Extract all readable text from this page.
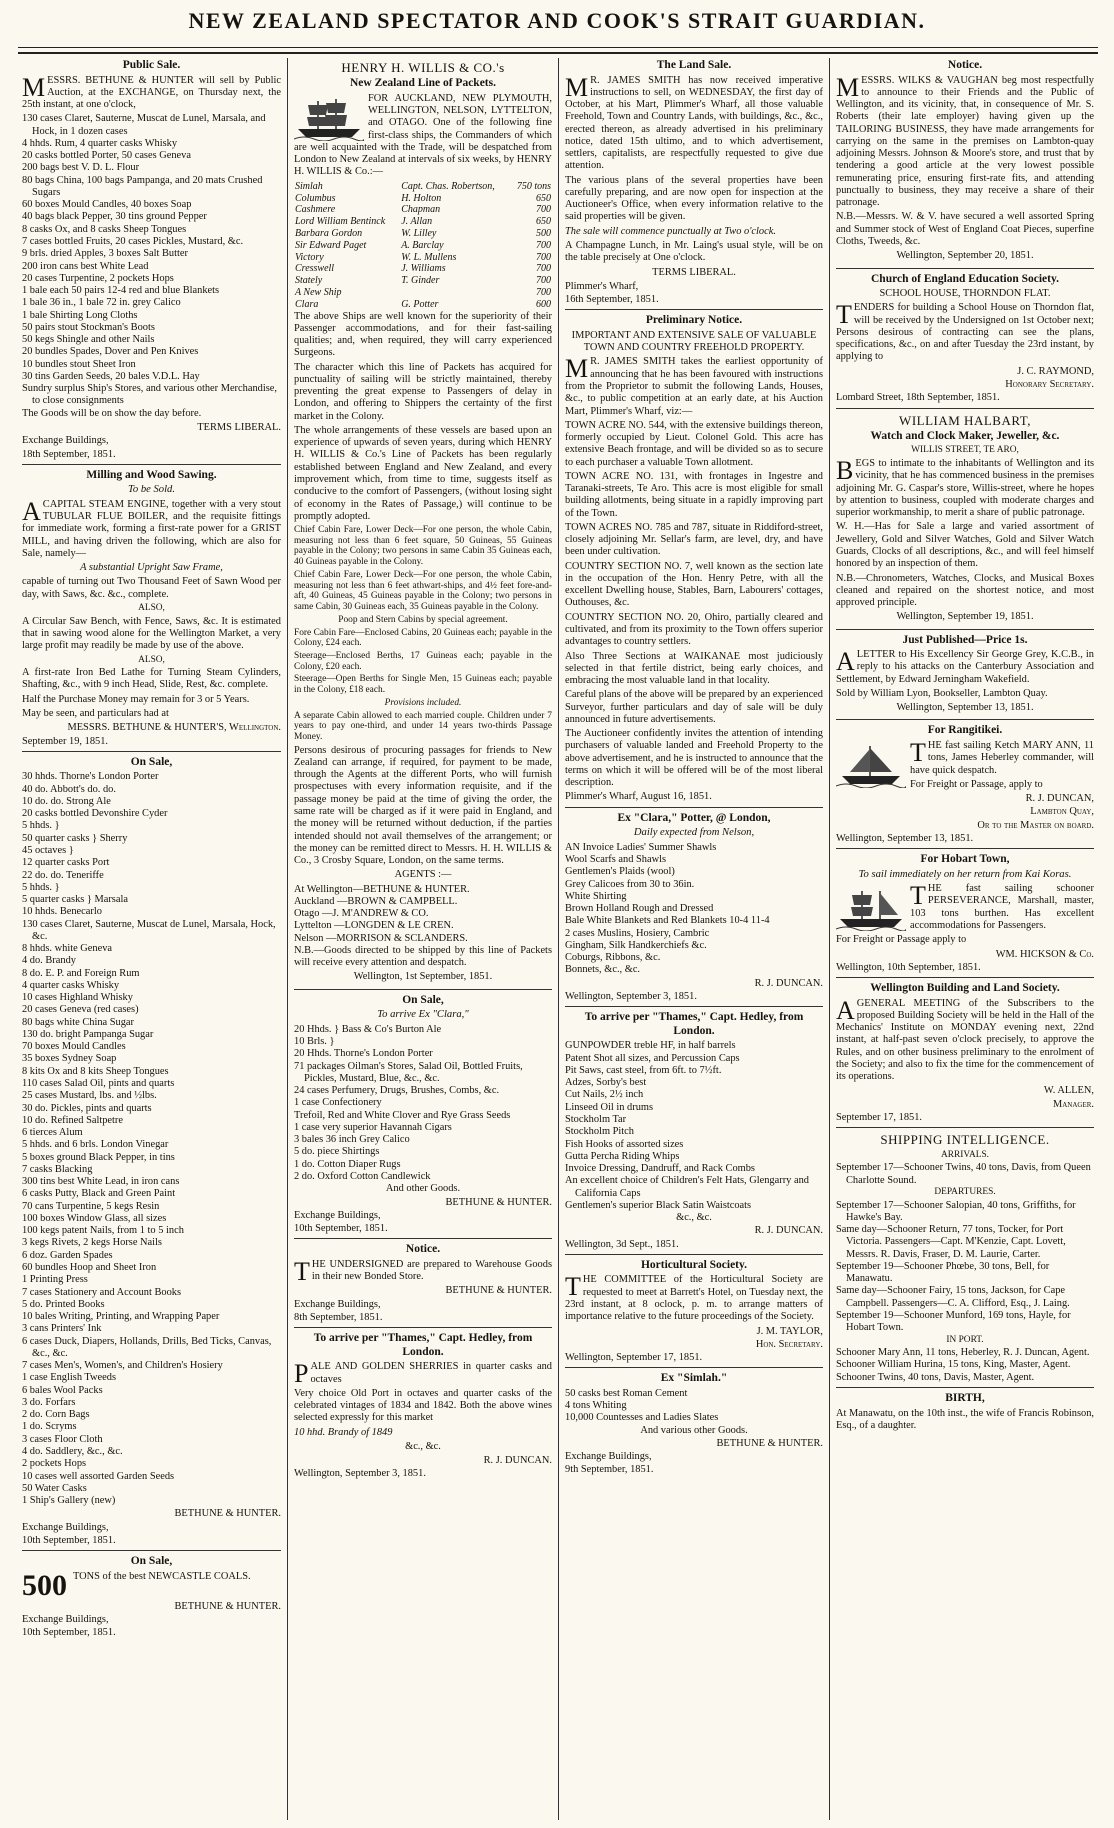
NEW ZEALAND SPECTATOR AND COOK'S STRAIT GUARDIAN.
Public Sale.

MESSRS. BETHUNE & HUNTER will sell by Public Auction, at the EXCHANGE, on Thursday next, the 25th instant, at one o'clock,

130 cases Claret, Sauterne, Muscat de Lunel, Marsala, and Hock, in 1 dozen cases
4 hhds. Rum, 4 quarter casks Whisky
20 casks bottled Porter, 50 cases Geneva
200 bags best V. D. L. Flour
80 bags China, 100 bags Pampanga, and 20 mats Crushed Sugars
60 boxes Mould Candles, 40 boxes Soap
40 bags black Pepper, 30 tins ground Pepper
8 casks Ox, and 8 casks Sheep Tongues
7 cases bottled Fruits, 20 cases Pickles, Mustard, &c.
9 brls. dried Apples, 3 boxes Salt Butter
200 iron cans best White Lead
20 cases Turpentine, 2 pockets Hops
1 bale each 50 pairs 12-4 red and blue Blankets
1 bale 36 in., 1 bale 72 in. grey Calico
1 bale Shirting Long Cloths
50 pairs stout Stockman's Boots
50 kegs Shingle and other Nails
20 bundles Spades, Dover and Pen Knives
10 bundles stout Sheet Iron
30 tins Garden Seeds, 20 bales V.D.L. Hay
Sundry surplus Ship's Stores, and various other Merchandise, to close consignments

The Goods will be on show the day before.

TERMS LIBERAL.

Exchange Buildings,

18th September, 1851.

Milling and Wood Sawing.
To be Sold.

ACAPITAL STEAM ENGINE, together with a very stout TUBULAR FLUE BOILER, and the requisite fittings for immediate work, forming a first-rate power for a GRIST MILL, and having driven the following, which are also for Sale, namely—

A substantial Upright Saw Frame,

capable of turning out Two Thousand Feet of Sawn Wood per day, with Saws, &c. &c., complete.

ALSO,

A Circular Saw Bench, with Fence, Saws, &c. It is estimated that in sawing wood alone for the Wellington Market, a very large profit may readily be made by use of the above.

ALSO,

A first-rate Iron Bed Lathe for Turning Steam Cylinders, Shafting, &c., with 9 inch Head, Slide, Rest, &c. complete.

Half the Purchase Money may remain for 3 or 5 Years.

May be seen, and particulars had at

MESSRS. BETHUNE & HUNTER'S, Wellington.

September 19, 1851.

On Sale,
30 hhds. Thorne's London Porter
40 do. Abbott's do. do.
10 do. do. Strong Ale
20 casks bottled Devonshire Cyder
5 hhds. }
50 quarter casks } Sherry
45 octaves }
12 quarter casks Port
22 do. do. Teneriffe
5 hhds. }
5 quarter casks } Marsala
10 hhds. Benecarlo
130 cases Claret, Sauterne, Muscat de Lunel, Marsala, Hock, &c.
8 hhds. white Geneva
4 do. Brandy
8 do. E. P. and Foreign Rum
4 quarter casks Whisky
10 cases Highland Whisky
20 cases Geneva (red cases)
80 bags white China Sugar
130 do. bright Pampanga Sugar
70 boxes Mould Candles
35 boxes Sydney Soap
8 kits Ox and 8 kits Sheep Tongues
110 cases Salad Oil, pints and quarts
25 cases Mustard, lbs. and ½lbs.
30 do. Pickles, pints and quarts
10 do. Refined Saltpetre
6 tierces Alum
5 hhds. and 6 brls. London Vinegar
5 boxes ground Black Pepper, in tins
7 casks Blacking
300 tins best White Lead, in iron cans
6 casks Putty, Black and Green Paint
70 cans Turpentine, 5 kegs Resin
100 boxes Window Glass, all sizes
100 kegs patent Nails, from 1 to 5 inch
3 kegs Rivets, 2 kegs Horse Nails
6 doz. Garden Spades
60 bundles Hoop and Sheet Iron
1 Printing Press
7 cases Stationery and Account Books
5 do. Printed Books
10 bales Writing, Printing, and Wrapping Paper
3 cans Printers' Ink
6 cases Duck, Diapers, Hollands, Drills, Bed Ticks, Canvas, &c., &c.
7 cases Men's, Women's, and Children's Hosiery
1 case English Tweeds
6 bales Wool Packs
3 do. Forfars
2 do. Corn Bags
1 do. Scryms
3 cases Floor Cloth
4 do. Saddlery, &c., &c.
2 pockets Hops
10 cases well assorted Garden Seeds
50 Water Casks
1 Ship's Gallery (new)

BETHUNE & HUNTER.

Exchange Buildings,

10th September, 1851.

On Sale,

500 TONS of the best NEWCASTLE COALS.

BETHUNE & HUNTER.

Exchange Buildings,

10th September, 1851.

HENRY H. WILLIS & CO.'s
New Zealand Line of Packets.

FOR AUCKLAND, NEW PLYMOUTH, WELLINGTON, NELSON, LYTTELTON, and OTAGO. One of the following fine first-class ships, the Commanders of which are well acquainted with the Trade, will be despatched from London to New Zealand at intervals of six weeks, by HENRY H. WILLIS & Co.:—

Simlah	Capt. Chas. Robertson,	750 tons
Columbus	H. Holton	650
Cashmere	Chapman	700
Lord William Bentinck	J. Allan	650
Barbara Gordon	W. Lilley	500
Sir Edward Paget	A. Barclay	700
Victory	W. L. Mullens	700
Cresswell	J. Williams	700
Stately	T. Ginder	700
A New Ship		700
Clara	G. Potter	600

The above Ships are well known for the superiority of their Passenger accommodations, and for their fast-sailing qualities; and, when required, they will carry experienced Surgeons.

The character which this line of Packets has acquired for punctuality of sailing will be strictly maintained, thereby preventing the great expense to Passengers of delay in London, and offering to Shippers the certainty of the first market in the Colony.

The whole arrangements of these vessels are based upon an experience of upwards of seven years, during which HENRY H. WILLIS & Co.'s Line of Packets has been regularly established between England and New Zealand, and every improvement which, from time to time, suggests itself as conducive to the comfort of Passengers, (without losing sight of economy in the Rates of Passage,) will continue to be promptly adopted.

Chief Cabin Fare, Lower Deck—For one person, the whole Cabin, measuring not less than 6 feet square, 50 Guineas, 55 Guineas payable in the Colony; two persons in same Cabin 35 Guineas each, 40 Guineas payable in the Colony.

Chief Cabin Fare, Lower Deck—For one person, the whole Cabin, measuring not less than 6 feet athwart-ships, and 4½ feet fore-and-aft, 40 Guineas, 45 Guineas payable in the Colony; two persons in same Cabin, 30 Guineas each, 35 Guineas payable in the Colony.

Poop and Stern Cabins by special agreement.

Fore Cabin Fare—Enclosed Cabins, 20 Guineas each; payable in the Colony, £24 each.

Steerage—Enclosed Berths, 17 Guineas each; payable in the Colony, £20 each.

Steerage—Open Berths for Single Men, 15 Guineas each; payable in the Colony, £18 each.

Provisions included.

A separate Cabin allowed to each married couple. Children under 7 years to pay one-third, and under 14 years two-thirds Passage Money.

Persons desirous of procuring passages for friends to New Zealand can arrange, if required, for payment to be made, through the Agents at the different Ports, who will furnish prospectuses with every information requisite, and if the passage money be paid at the time of giving the order, the same rate will be charged as if it were paid in England, and the money will be returned without deduction, if the parties intended should not avail themselves of the arrangement; or the money can be remitted direct to Messrs. H. H. WILLIS & Co., 3 Crosby Square, London, on the same terms.

AGENTS :—

At Wellington—BETHUNE & HUNTER.
Auckland —BROWN & CAMPBELL.
Otago —J. M'ANDREW & CO.
Lyttelton —LONGDEN & LE CREN.
Nelson —MORRISON & SCLANDERS.

N.B.—Goods directed to be shipped by this line of Packets will receive every attention and despatch.

Wellington, 1st September, 1851.

On Sale,
To arrive Ex "Clara,"
20 Hhds. } Bass & Co's Burton Ale
10 Brls. }
20 Hhds. Thorne's London Porter
71 packages Oilman's Stores, Salad Oil, Bottled Fruits, Pickles, Mustard, Blue, &c., &c.
24 cases Perfumery, Drugs, Brushes, Combs, &c.
1 case Confectionery
Trefoil, Red and White Clover and Rye Grass Seeds
1 case very superior Havannah Cigars
3 bales 36 inch Grey Calico
5 do. piece Shirtings
1 do. Cotton Diaper Rugs
2 do. Oxford Cotton Candlewick
And other Goods.

BETHUNE & HUNTER.

Exchange Buildings,

10th September, 1851.

Notice.

THE UNDERSIGNED are prepared to Warehouse Goods in their new Bonded Store.

BETHUNE & HUNTER.

Exchange Buildings,

8th September, 1851.

To arrive per "Thames," Capt. Hedley, from London.

PALE AND GOLDEN SHERRIES in quarter casks and octaves

Very choice Old Port in octaves and quarter casks of the celebrated vintages of 1834 and 1842. Both the above wines selected expressly for this market

10 hhd. Brandy of 1849

&c., &c.

R. J. DUNCAN.

Wellington, September 3, 1851.

The Land Sale.

MR. JAMES SMITH has now received imperative instructions to sell, on WEDNESDAY, the first day of October, at his Mart, Plimmer's Wharf, all those valuable Freehold, Town and Country Lands, with buildings, &c., &c., erected thereon, as already advertised in his preliminary notice, dated 15th ultimo, and to which advertisement, settlers, capitalists, are respectfully requested to give due attention.

The various plans of the several properties have been carefully preparing, and are now open for inspection at the Auctioneer's Office, when every information relative to the said properties will be given.

The sale will commence punctually at Two o'clock.

A Champagne Lunch, in Mr. Laing's usual style, will be on the table precisely at One o'clock.

TERMS LIBERAL.

Plimmer's Wharf,

16th September, 1851.

Preliminary Notice.

IMPORTANT AND EXTENSIVE SALE OF VALUABLE TOWN AND COUNTRY FREEHOLD PROPERTY.

MR. JAMES SMITH takes the earliest opportunity of announcing that he has been favoured with instructions from the Proprietor to submit the following Lands, Houses, &c., to public competition at an early date, at his Auction Mart, Plimmer's Wharf, viz:—

TOWN ACRE NO. 544, with the extensive buildings thereon, formerly occupied by Lieut. Colonel Gold. This acre has extensive Beach frontage, and will be divided so as to secure to each purchaser a valuable Town allotment.

TOWN ACRE NO. 131, with frontages in Ingestre and Taranaki-streets, Te Aro. This acre is most eligible for small building allotments, being situate in a rapidly improving part of the Town.

TOWN ACRES NO. 785 and 787, situate in Riddiford-street, closely adjoining Mr. Sellar's farm, are level, dry, and have been under cultivation.

COUNTRY SECTION NO. 7, well known as the section late in the occupation of the Hon. Henry Petre, with all the excellent Dwelling house, Stables, Barn, Labourers' cottages, Outhouses, &c.

COUNTRY SECTION NO. 20, Ohiro, partially cleared and cultivated, and from its proximity to the Town offers superior advantages to country settlers.

Also Three Sections at WAIKANAE most judiciously selected in that fertile district, being early choices, and embracing the most valuable land in that locality.

Careful plans of the above will be prepared by an experienced Surveyor, further particulars and day of sale will be duly announced in future advertisements.

The Auctioneer confidently invites the attention of intending purchasers of valuable landed and Freehold Property to the above advertisement, and he is instructed to announce that the terms on which it will be offered will be of the most liberal description.

Plimmer's Wharf, August 16, 1851.

Ex "Clara," Potter, @ London,
Daily expected from Nelson,
AN Invoice Ladies' Summer Shawls
Wool Scarfs and Shawls
Gentlemen's Plaids (wool)
Grey Calicoes from 30 to 36in.
White Shirting
Brown Holland Rough and Dressed
Bale White Blankets and Red Blankets 10-4 11-4
2 cases Muslins, Hosiery, Cambric
Gingham, Silk Handkerchiefs &c.
Coburgs, Ribbons, &c.
Bonnets, &c., &c.

R. J. DUNCAN.

Wellington, September 3, 1851.

To arrive per "Thames," Capt. Hedley, from London.
GUNPOWDER treble HF, in half barrels
Patent Shot all sizes, and Percussion Caps
Pit Saws, cast steel, from 6ft. to 7½ft.
Adzes, Sorby's best
Cut Nails, 2½ inch
Linseed Oil in drums
Stockholm Tar
Stockholm Pitch
Fish Hooks of assorted sizes
Gutta Percha Riding Whips
Invoice Dressing, Dandruff, and Rack Combs
An excellent choice of Children's Felt Hats, Glengarry and California Caps
Gentlemen's superior Black Satin Waistcoats
&c., &c.

R. J. DUNCAN.

Wellington, 3d Sept., 1851.

Horticultural Society.

THE COMMITTEE of the Horticultural Society are requested to meet at Barrett's Hotel, on Tuesday next, the 23rd instant, at 8 oclock, p. m. to arrange matters of importance relative to the future proceedings of the Society.

J. M. TAYLOR,

Hon. Secretary.

Wellington, September 17, 1851.

Ex "Simlah."
50 casks best Roman Cement
4 tons Whiting
10,000 Countesses and Ladies Slates
And various other Goods.

BETHUNE & HUNTER.

Exchange Buildings,

9th September, 1851.

Notice.

MESSRS. WILKS & VAUGHAN beg most respectfully to announce to their Friends and the Public of Wellington, and its vicinity, that, in consequence of Mr. S. Roberts (their late employer) having given up the TAILORING BUSINESS, they have made arrangements for carrying on the same in the premises on Lambton-quay adjoining Messrs. Johnson & Moore's store, and trust that by tendering a good article at the very lowest possible remunerating price, ensuring first-rate fits, and attending punctually to business, they may receive a share of their patronage.

N.B.—Messrs. W. & V. have secured a well assorted Spring and Summer stock of West of England Coat Pieces, superfine Cloths, Tweeds, &c.

Wellington, September 20, 1851.

Church of England Education Society.

SCHOOL HOUSE, THORNDON FLAT.

TENDERS for building a School House on Thorndon flat, will be received by the Undersigned on 1st October next; Persons desirous of contracting can see the plans, specifications, &c., on and after Tuesday the 23rd instant, by applying to

J. C. RAYMOND,

Honorary Secretary.

Lombard Street, 18th September, 1851.

WILLIAM HALBART,
Watch and Clock Maker, Jeweller, &c.

WILLIS STREET, TE ARO,

BEGS to intimate to the inhabitants of Wellington and its vicinity, that he has commenced business in the premises adjoining Mr. G. Caspar's store, Willis-street, where he hopes by attention to business, coupled with moderate charges and superior workmanship, to merit a share of public patronage.

W. H.—Has for Sale a large and varied assortment of Jewellery, Gold and Silver Watches, Gold and Silver Watch Guards, Clocks of all descriptions, &c., and will feel himself honored by an inspection of them.

N.B.—Chronometers, Watches, Clocks, and Musical Boxes cleaned and repaired on the shortest notice, and most approved principle.

Wellington, September 19, 1851.

Just Published—Price 1s.

ALETTER to His Excellency Sir George Grey, K.C.B., in reply to his attacks on the Canterbury Association and Settlement, by Edward Jerningham Wakefield.

Sold by William Lyon, Bookseller, Lambton Quay.

Wellington, September 13, 1851.

For Rangitikei.

THE fast sailing Ketch MARY ANN, 11 tons, James Heberley commander, will have quick despatch.

For Freight or Passage, apply to

R. J. DUNCAN,

Lambton Quay,

Or to the Master on board.

Wellington, September 13, 1851.

For Hobart Town,
To sail immediately on her return from Kai Koras.

THE fast sailing schooner PERSEVERANCE, Marshall, master, 103 tons burthen. Has excellent accommodations for Passengers.

For Freight or Passage apply to

WM. HICKSON & Co.

Wellington, 10th September, 1851.

Wellington Building and Land Society.

AGENERAL MEETING of the Subscribers to the proposed Building Society will be held in the Hall of the Mechanics' Institute on MONDAY evening next, 22nd instant, at half-past seven o'clock precisely, to approve the Rules, and on other business preliminary to the enrolment of the Society; and also to fix the time for the commencement of its operations.

W. ALLEN,

Manager.

September 17, 1851.

SHIPPING INTELLIGENCE.

ARRIVALS.

September 17—Schooner Twins, 40 tons, Davis, from Queen Charlotte Sound.

DEPARTURES.

September 17—Schooner Salopian, 40 tons, Griffiths, for Hawke's Bay.
Same day—Schooner Return, 77 tons, Tocker, for Port Victoria. Passengers—Capt. M'Kenzie, Capt. Lovett, Messrs. R. Davis, Fraser, D. M. Laurie, Carter.
September 19—Schooner Phœbe, 30 tons, Bell, for Manawatu.
Same day—Schooner Fairy, 15 tons, Jackson, for Cape Campbell. Passengers—C. A. Clifford, Esq., J. Laing.
September 19—Schooner Munford, 169 tons, Hayle, for Hobart Town.

IN PORT.

Schooner Mary Ann, 11 tons, Heberley, R. J. Duncan, Agent.
Schooner William Hurina, 15 tons, King, Master, Agent.
Schooner Twins, 40 tons, Davis, Master, Agent.
BIRTH,

At Manawatu, on the 10th inst., the wife of Francis Robinson, Esq., of a daughter.
